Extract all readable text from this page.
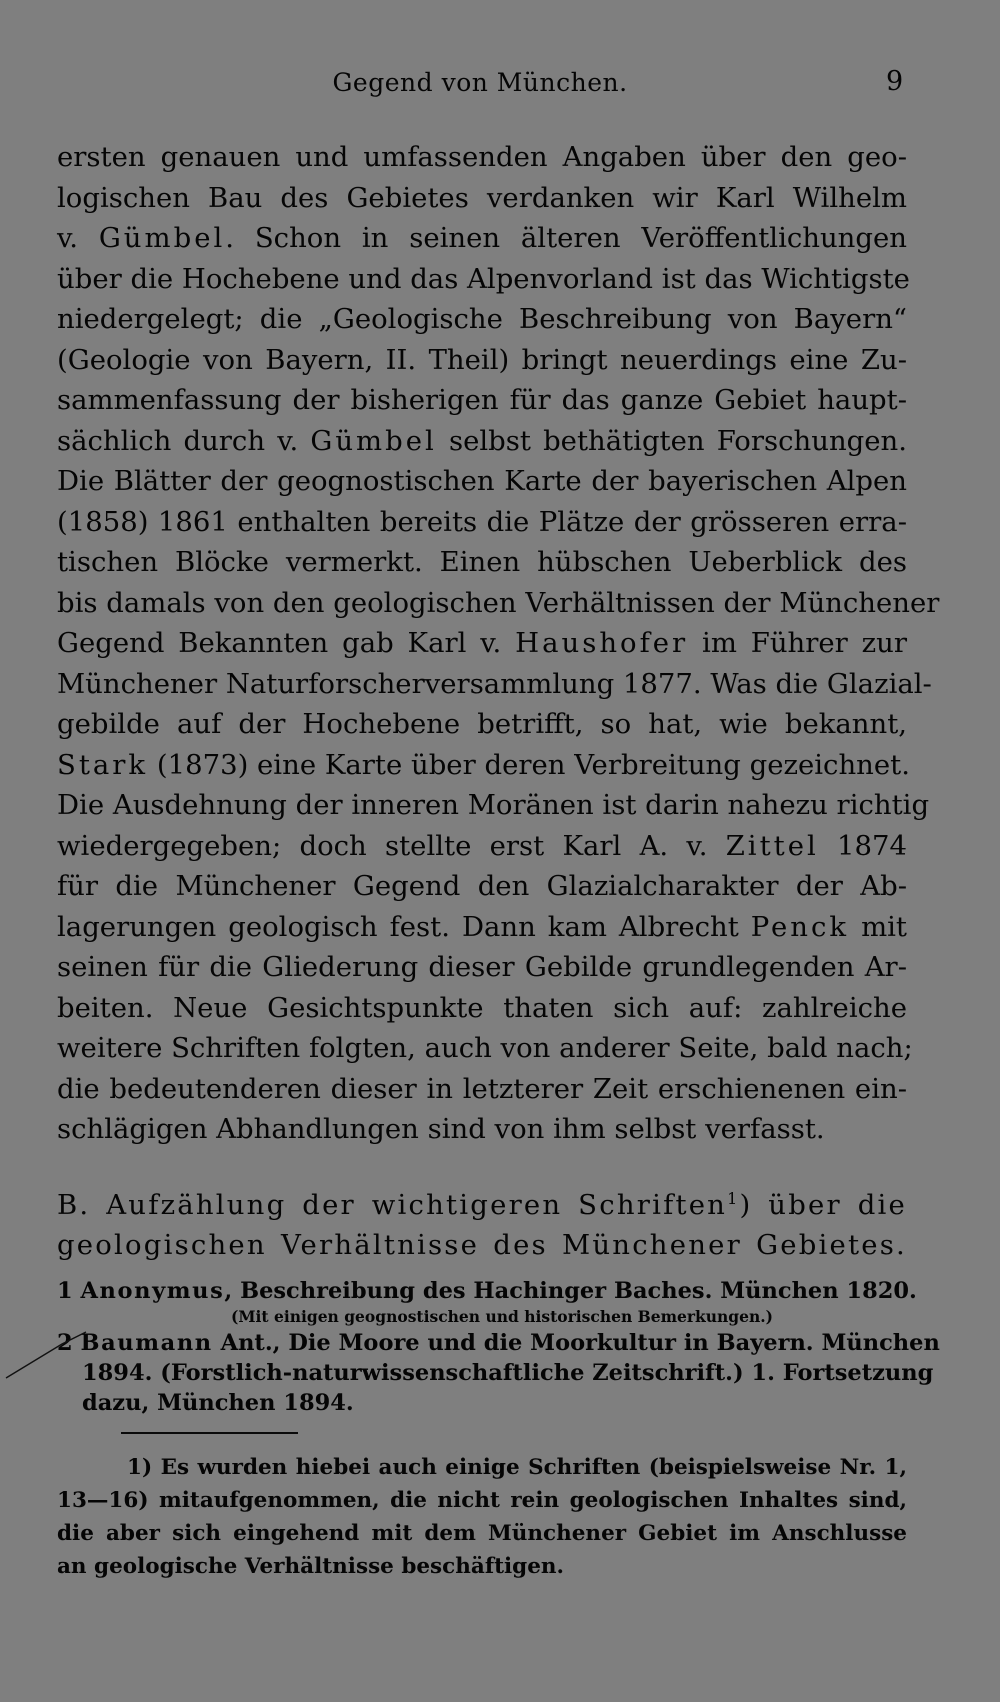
Gegend von München.	9
ersten genauen und umfassenden Angaben über den geo-
logischen Bau des Gebietes verdanken wir Karl Wilhelm
v. Gümbel. Schon in seinen älteren Veröffentlichungen
über die Hochebene und das Alpenvorland ist das Wichtigste
niedergelegt; die „Geologische Beschreibung von Bayern“
(Geologie von Bayern, II. Theil) bringt neuerdings eine Zu-
sammenfassung der bisherigen für das ganze Gebiet haupt-
sächlich durch v. Gümbel selbst bethätigten Forschungen.
Die Blätter der geognostischen Karte der bayerischen Alpen
(1858) 1861 enthalten bereits die Plätze der grösseren erra-
tischen Blöcke vermerkt. Einen hübschen Ueberblick des
bis damals von den geologischen Verhältnissen der Münchener
Gegend Bekannten gab Karl v. Haushofer im Führer zur
Münchener Naturforscherversammlung 1877. Was die Glazial-
gebilde auf der Hochebene betrifft, so hat, wie bekannt,
Stark (1873) eine Karte über deren Verbreitung gezeichnet.
Die Ausdehnung der inneren Moränen ist darin nahezu richtig
wiedergegeben; doch stellte erst Karl A. v. Zittel 1874
für die Münchener Gegend den Glazialcharakter der Ab-
lagerungen geologisch fest. Dann kam Albrecht Penck mit
seinen für die Gliederung dieser Gebilde grundlegenden Ar-
beiten. Neue Gesichtspunkte thaten sich auf: zahlreiche
weitere Schriften folgten, auch von anderer Seite, bald nach;
die bedeutenderen dieser in letzterer Zeit erschienenen ein-
schlägigen Abhandlungen sind von ihm selbst verfasst.
B. Aufzählung der wichtigeren Schriften$^1$) über die
geologischen Verhältnisse des Münchener Gebietes.
1 Anonymus, Beschreibung des Hachinger Baches. München 1820.
(Mit einigen geognostischen und historischen Bemerkungen.)
2 Baumann Ant., Die Moore und die Moorkultur in Bayern. München
1894. (Forstlich-naturwissenschaftliche Zeitschrift.) 1. Fortsetzung
dazu, München 1894.
1) Es wurden hiebei auch einige Schriften (beispielsweise Nr. 1,
13—16) mitaufgenommen, die nicht rein geologischen Inhaltes sind,
die aber sich eingehend mit dem Münchener Gebiet im Anschlusse
an geologische Verhältnisse beschäftigen.
